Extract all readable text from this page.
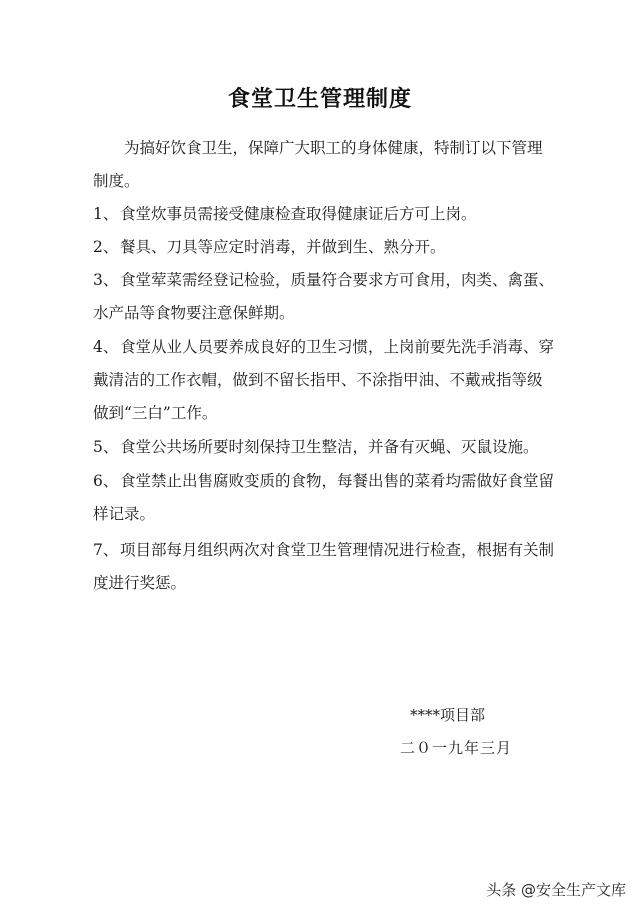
食堂卫生管理制度
为搞好饮食卫生，保障广大职工的身体健康，特制订以下管理制度。
1、 食堂炊事员需接受健康检查取得健康证后方可上岗。
2、 餐具、刀具等应定时消毒，并做到生、熟分开。
3、 食堂荤菜需经登记检验，质量符合要求方可食用，肉类、禽蛋、水产品等食物要注意保鲜期。
4、 食堂从业人员要养成良好的卫生习惯，上岗前要先洗手消毒、穿戴清洁的工作衣帽，做到不留长指甲、不涂指甲油、不戴戒指等级做到“三白”工作。
5、 食堂公共场所要时刻保持卫生整洁，并备有灭蝇、灭鼠设施。
6、 食堂禁止出售腐败变质的食物，每餐出售的菜肴均需做好食堂留样记录。
7、 项目部每月组织两次对食堂卫生管理情况进行检查，根据有关制度进行奖惩。
****项目部
二０一九年三月
头条 @安全生产文库
